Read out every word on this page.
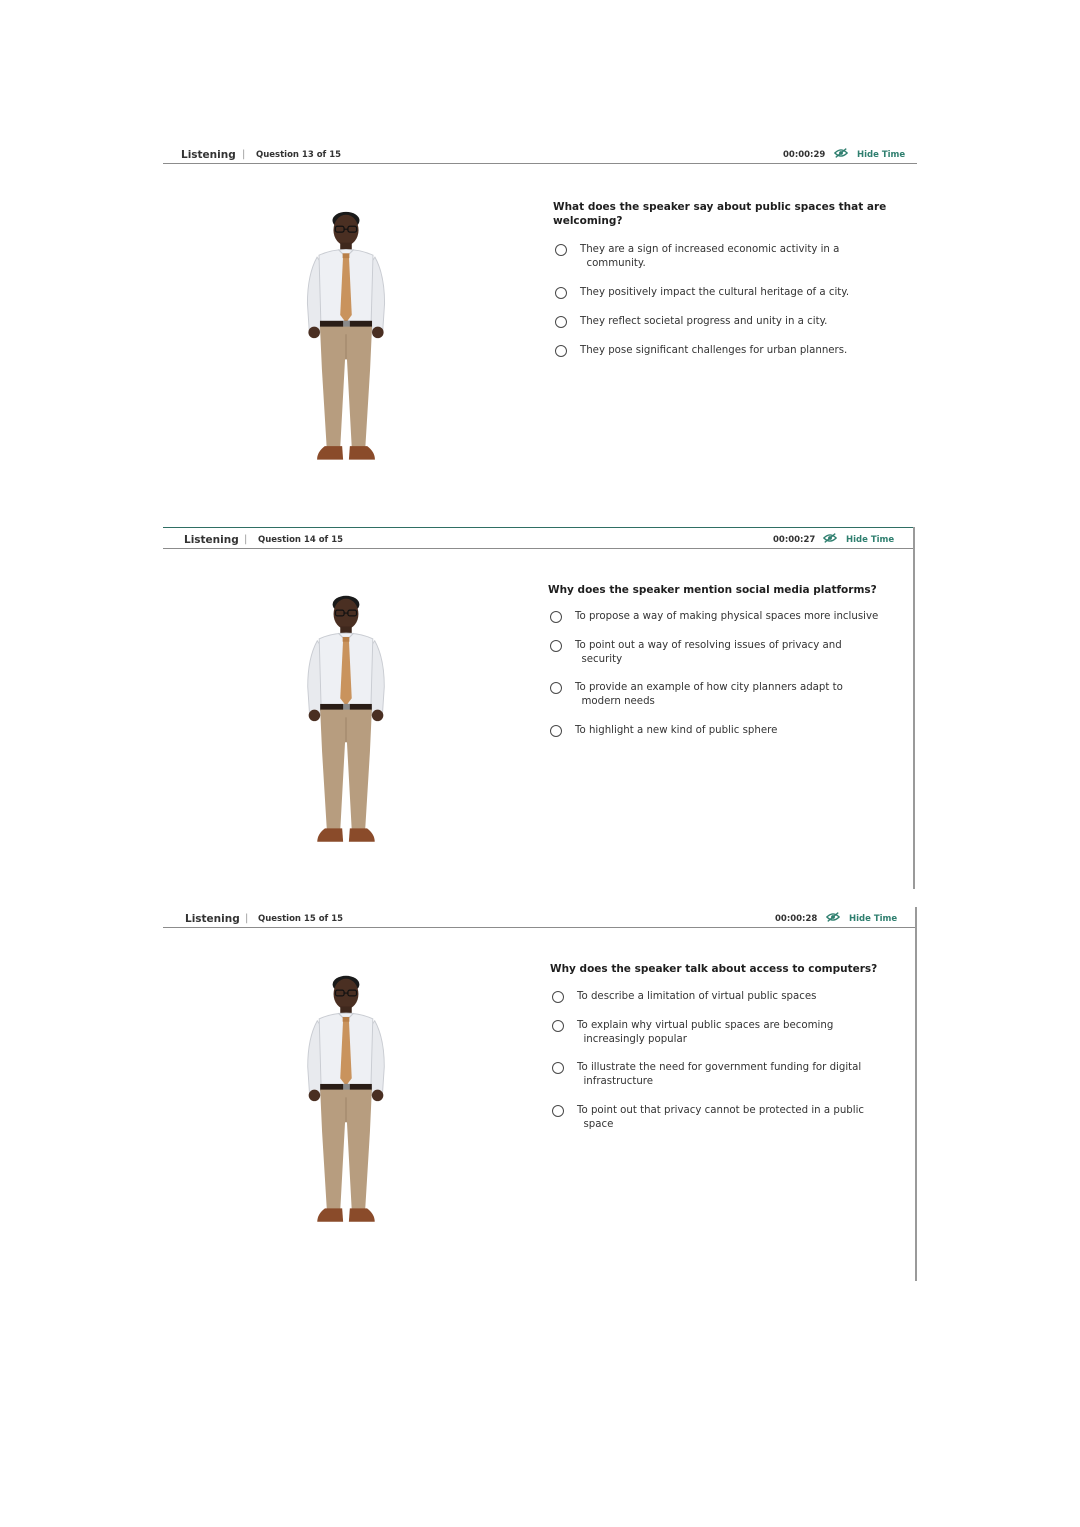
Listening | Question 13 of 15	00:00:29	Hide Time

What does the speaker say about public spaces that are
welcoming?

They are a sign of increased economic activity in a
community.
They positively impact the cultural heritage of a city.
They reflect societal progress and unity in a city.
They pose significant challenges for urban planners.
Listening | Question 14 of 15	00:00:27	Hide Time

Why does the speaker mention social media platforms?

To propose a way of making physical spaces more inclusive
To point out a way of resolving issues of privacy and
security
To provide an example of how city planners adapt to
modern needs
To highlight a new kind of public sphere
Listening | Question 15 of 15	00:00:28	Hide Time

Why does the speaker talk about access to computers?

To describe a limitation of virtual public spaces
To explain why virtual public spaces are becoming
increasingly popular
To illustrate the need for government funding for digital
infrastructure
To point out that privacy cannot be protected in a public
space
